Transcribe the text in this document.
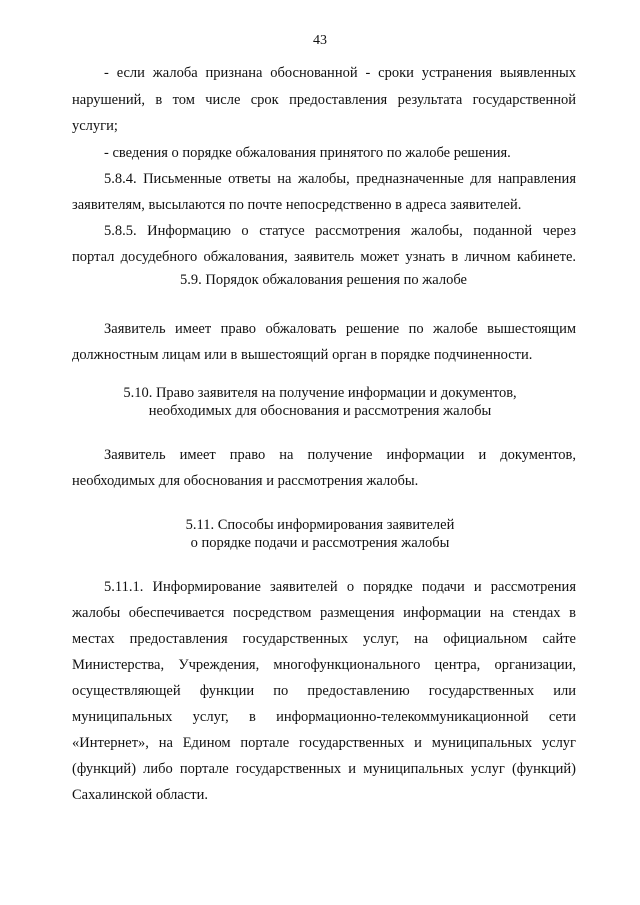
43
- если жалоба признана обоснованной - сроки устранения выявленных
нарушений, в том числе срок предоставления результата государственной
услуги;
- сведения о порядке обжалования принятого по жалобе решения.
5.8.4. Письменные ответы на жалобы, предназначенные для направления
заявителям, высылаются по почте непосредственно в адреса заявителей.
5.8.5. Информацию о статусе рассмотрения жалобы, поданной через
портал досудебного обжалования, заявитель может узнать в личном кабинете.
5.9. Порядок обжалования решения по жалобе
Заявитель имеет право обжаловать решение по жалобе вышестоящим
должностным лицам или в вышестоящий орган в порядке подчиненности.
5.10. Право заявителя на получение информации и документов,
необходимых для обоснования и рассмотрения жалобы
Заявитель имеет право на получение информации и документов,
необходимых для обоснования и рассмотрения жалобы.
5.11. Способы информирования заявителей
о порядке подачи и рассмотрения жалобы
5.11.1. Информирование заявителей о порядке подачи и рассмотрения
жалобы обеспечивается посредством размещения информации на стендах в
местах предоставления государственных услуг, на официальном сайте
Министерства, Учреждения, многофункционального центра, организации,
осуществляющей функции по предоставлению государственных или
муниципальных услуг, в информационно-телекоммуникационной сети
«Интернет», на Едином портале государственных и муниципальных услуг
(функций) либо портале государственных и муниципальных услуг (функций)
Сахалинской области.
